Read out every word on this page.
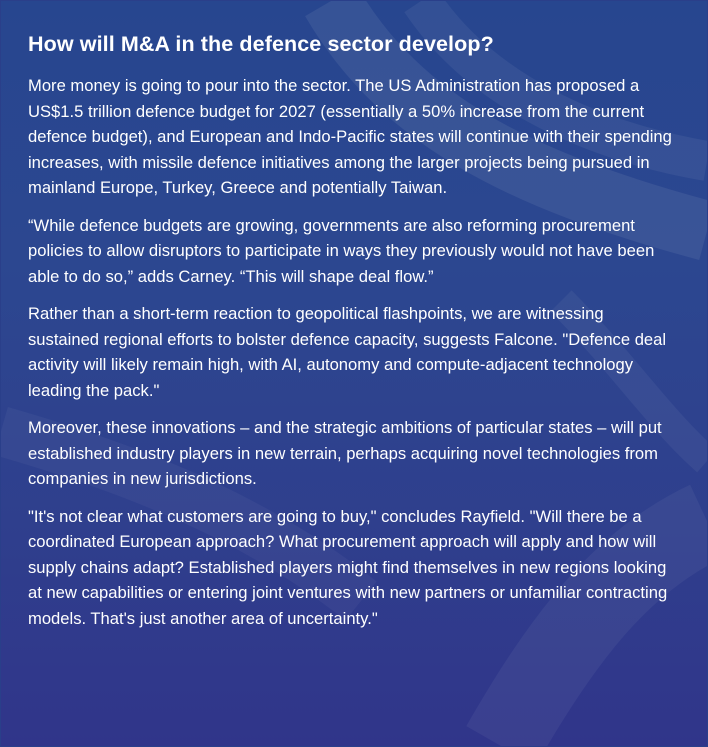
How will M&A in the defence sector develop?

More money is going to pour into the sector. The US Administration has proposed a US$1.5 trillion defence budget for 2027 (essentially a 50% increase from the current defence budget), and European and Indo-Pacific states will continue with their spending increases, with missile defence initiatives among the larger projects being pursued in mainland Europe, Turkey, Greece and potentially Taiwan.

“While defence budgets are growing, governments are also reforming procurement policies to allow disruptors to participate in ways they previously would not have been able to do so,” adds Carney. “This will shape deal flow.”

Rather than a short-term reaction to geopolitical flashpoints, we are witnessing sustained regional efforts to bolster defence capacity, suggests Falcone. "Defence deal activity will likely remain high, with AI, autonomy and compute-adjacent technology leading the pack."

Moreover, these innovations – and the strategic ambitions of particular states – will put established industry players in new terrain, perhaps acquiring novel technologies from companies in new jurisdictions.

"It's not clear what customers are going to buy," concludes Rayfield. "Will there be a coordinated European approach? What procurement approach will apply and how will supply chains adapt? Established players might find themselves in new regions looking at new capabilities or entering joint ventures with new partners or unfamiliar contracting models. That's just another area of uncertainty."
